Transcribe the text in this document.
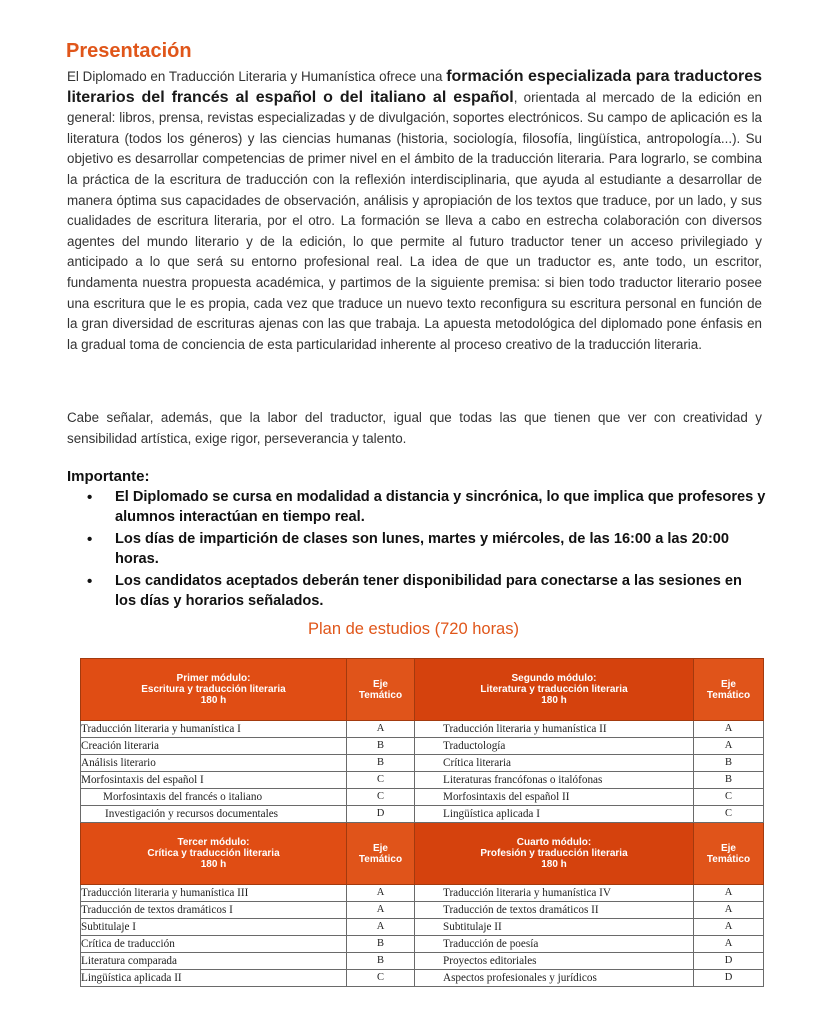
Presentación
El Diplomado en Traducción Literaria y Humanística ofrece una formación especializada para traductores literarios del francés al español o del italiano al español, orientada al mercado de la edición en general: libros, prensa, revistas especializadas y de divulgación, soportes electrónicos. Su campo de aplicación es la literatura (todos los géneros) y las ciencias humanas (historia, sociología, filosofía, lingüística, antropología...). Su objetivo es desarrollar competencias de primer nivel en el ámbito de la traducción literaria. Para lograrlo, se combina la práctica de la escritura de traducción con la reflexión interdisciplinaria, que ayuda al estudiante a desarrollar de manera óptima sus capacidades de observación, análisis y apropiación de los textos que traduce, por un lado, y sus cualidades de escritura literaria, por el otro. La formación se lleva a cabo en estrecha colaboración con diversos agentes del mundo literario y de la edición, lo que permite al futuro traductor tener un acceso privilegiado y anticipado a lo que será su entorno profesional real. La idea de que un traductor es, ante todo, un escritor, fundamenta nuestra propuesta académica, y partimos de la siguiente premisa: si bien todo traductor literario posee una escritura que le es propia, cada vez que traduce un nuevo texto reconfigura su escritura personal en función de la gran diversidad de escrituras ajenas con las que trabaja. La apuesta metodológica del diplomado pone énfasis en la gradual toma de conciencia de esta particularidad inherente al proceso creativo de la traducción literaria.
Cabe señalar, además, que la labor del traductor, igual que todas las que tienen que ver con creatividad y sensibilidad artística, exige rigor, perseverancia y talento.
Importante:
• El Diplomado se cursa en modalidad a distancia y sincrónica, lo que implica que profesores y alumnos interactúan en tiempo real.
• Los días de impartición de clases son lunes, martes y miércoles, de las 16:00 a las 20:00 horas.
• Los candidatos aceptados deberán tener disponibilidad para conectarse a las sesiones en los días y horarios señalados.
Plan de estudios (720 horas)
Primer módulo:
Escritura y traducción literaria
180 h	Eje
Temático	Segundo módulo:
Literatura y traducción literaria
180 h	Eje
Temático

Traducción literaria y humanística I	A	Traducción literaria y humanística II	A
Creación literaria	B	Traductología	A
Análisis literario	B	Crítica literaria	B
Morfosintaxis del español I	C	Literaturas francófonas o italófonas	B
Morfosintaxis del francés o italiano	C	Morfosintaxis del español II	C
Investigación y recursos documentales	D	Lingüística aplicada I	C

Tercer módulo:
Crítica y traducción literaria
180 h	Eje
Temático	Cuarto módulo:
Profesión y traducción literaria
180 h	Eje
Temático

Traducción literaria y humanística III	A	Traducción literaria y humanística IV	A
Traducción de textos dramáticos I	A	Traducción de textos dramáticos II	A
Subtitulaje I	A	Subtitulaje II	A
Crítica de traducción	B	Traducción de poesía	A
Literatura comparada	B	Proyectos editoriales	D
Lingüística aplicada II	C	Aspectos profesionales y jurídicos	D
